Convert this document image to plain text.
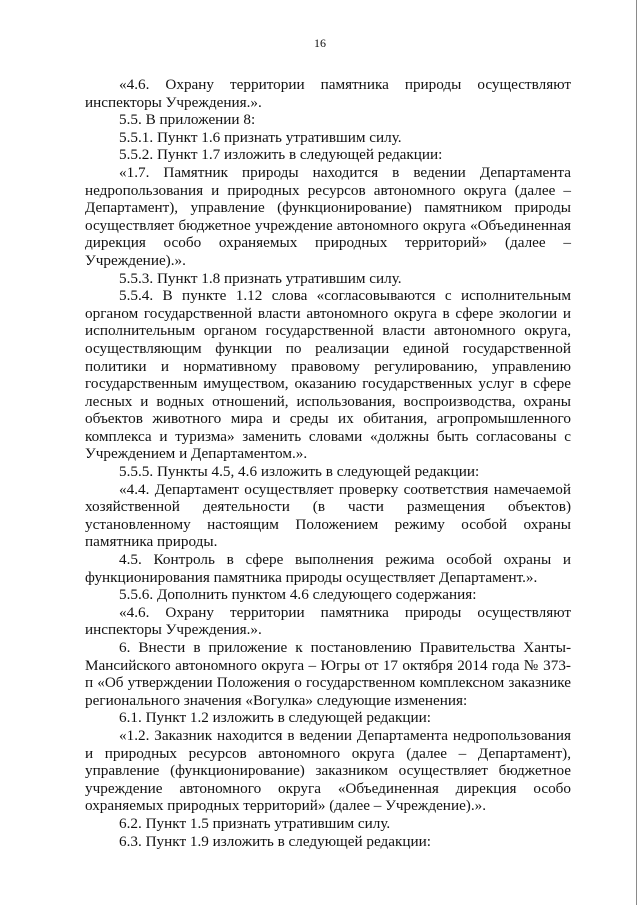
16

«4.6. Охрану территории памятника природы осуществляют инспекторы Учреждения.».

5.5. В приложении 8:

5.5.1. Пункт 1.6 признать утратившим силу.

5.5.2. Пункт 1.7 изложить в следующей редакции:

«1.7. Памятник природы находится в ведении Департамента недропользования и природных ресурсов автономного округа (далее – Департамент), управление (функционирование) памятником природы осуществляет бюджетное учреждение автономного округа «Объединенная дирекция особо охраняемых природных территорий» (далее – Учреждение).».

5.5.3. Пункт 1.8 признать утратившим силу.

5.5.4. В пункте 1.12 слова «согласовываются с исполнительным органом государственной власти автономного округа в сфере экологии и исполнительным органом государственной власти автономного округа, осуществляющим функции по реализации единой государственной политики и нормативному правовому регулированию, управлению государственным имуществом, оказанию государственных услуг в сфере лесных и водных отношений, использования, воспроизводства, охраны объектов животного мира и среды их обитания, агропромышленного комплекса и туризма» заменить словами «должны быть согласованы с Учреждением и Департаментом.».

5.5.5. Пункты 4.5, 4.6 изложить в следующей редакции:

«4.4. Департамент осуществляет проверку соответствия намечаемой хозяйственной деятельности (в части размещения объектов) установленному настоящим Положением режиму особой охраны памятника природы.

4.5. Контроль в сфере выполнения режима особой охраны и функционирования памятника природы осуществляет Департамент.».

5.5.6. Дополнить пунктом 4.6 следующего содержания:

«4.6. Охрану территории памятника природы осуществляют инспекторы Учреждения.».

6. Внести в приложение к постановлению Правительства Ханты-Мансийского автономного округа – Югры от 17 октября 2014 года № 373-п «Об утверждении Положения о государственном комплексном заказнике регионального значения «Вогулка» следующие изменения:

6.1. Пункт 1.2 изложить в следующей редакции:

«1.2. Заказник находится в ведении Департамента недропользования и природных ресурсов автономного округа (далее – Департамент), управление (функционирование) заказником осуществляет бюджетное учреждение автономного округа «Объединенная дирекция особо охраняемых природных территорий» (далее – Учреждение).».

6.2. Пункт 1.5 признать утратившим силу.

6.3. Пункт 1.9 изложить в следующей редакции:
